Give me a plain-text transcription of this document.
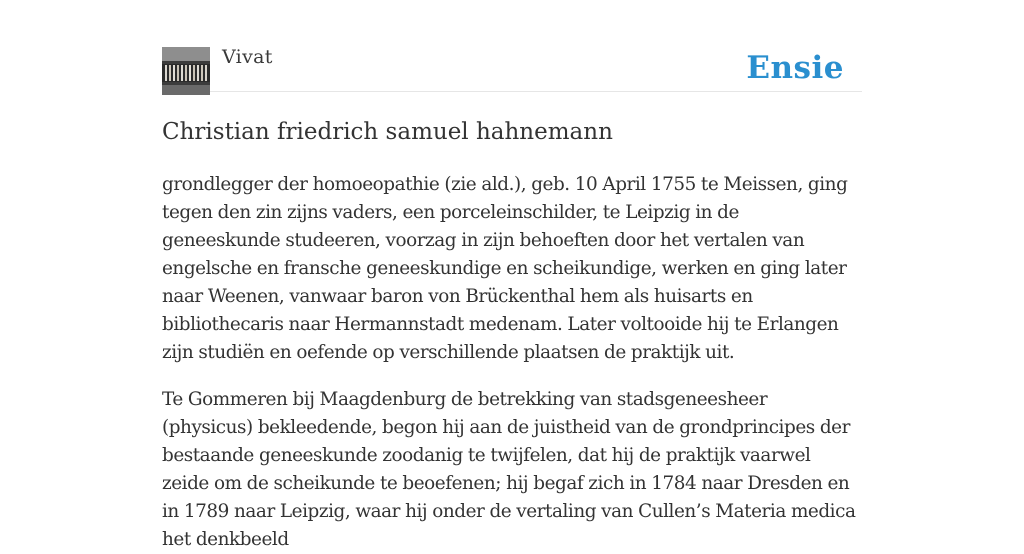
Vivat	Ensie
Christian friedrich samuel hahnemann

grondlegger der homoeopathie (zie ald.), geb. 10 April 1755 te Meissen, ging tegen den zin zijns vaders, een porceleinschilder, te Leipzig in de geneeskunde studeeren, voorzag in zijn behoeften door het vertalen van engelsche en fransche geneeskundige en scheikundige, werken en ging later naar Weenen, vanwaar baron von Brückenthal hem als huisarts en bibliothecaris naar Hermannstadt medenam. Later voltooide hij te Erlangen zijn studiën en oefende op verschillende plaatsen de praktijk uit.

Te Gommeren bij Maagdenburg de betrekking van stadsgeneesheer (physicus) bekleedende, begon hij aan de juistheid van de grondprincipes der bestaande geneeskunde zoodanig te twijfelen, dat hij de praktijk vaarwel zeide om de scheikunde te beoefenen; hij begaf zich in 1784 naar Dresden en in 1789 naar Leipzig, waar hij onder de vertaling van Cullen’s Materia medica het denkbeeld
